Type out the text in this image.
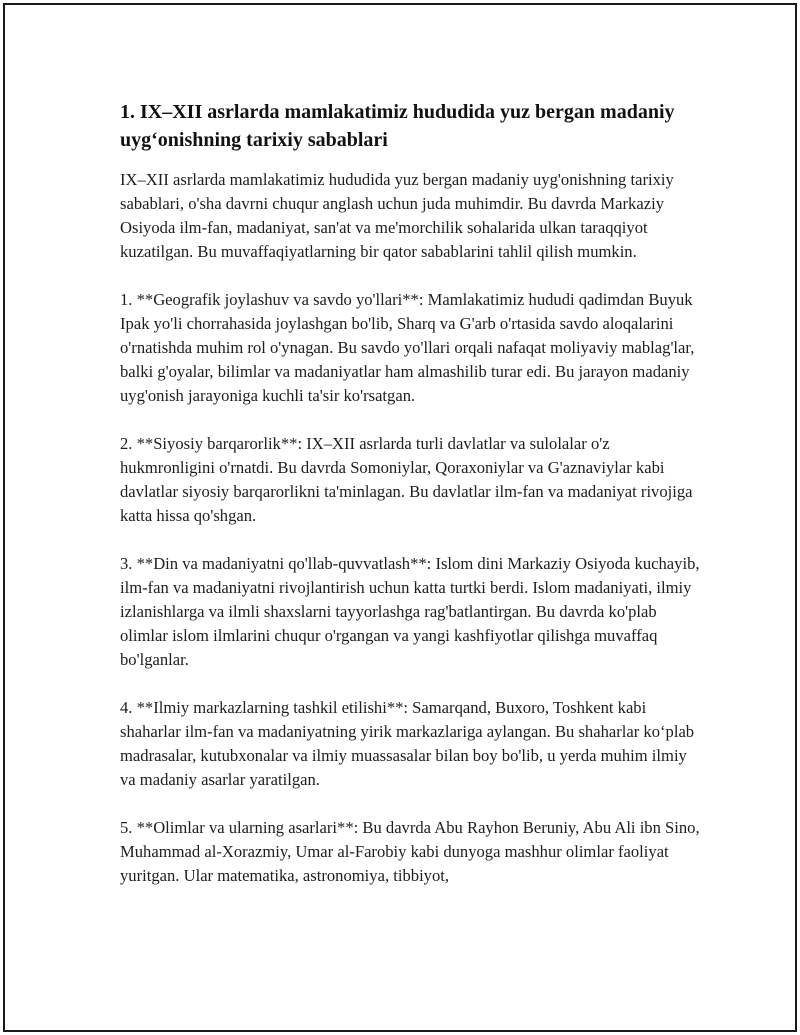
1. IX–XII asrlarda mamlakatimiz hududida yuz bergan madaniy uyg‘onishning tarixiy sabablari

IX–XII asrlarda mamlakatimiz hududida yuz bergan madaniy uyg'onishning tarixiy sabablari, o'sha davrni chuqur anglash uchun juda muhimdir. Bu davrda Markaziy Osiyoda ilm-fan, madaniyat, san'at va me'morchilik sohalarida ulkan taraqqiyot kuzatilgan. Bu muvaffaqiyatlarning bir qator sabablarini tahlil qilish mumkin.

1. **Geografik joylashuv va savdo yo'llari**: Mamlakatimiz hududi qadimdan Buyuk Ipak yo'li chorrahasida joylashgan bo'lib, Sharq va G'arb o'rtasida savdo aloqalarini o'rnatishda muhim rol o'ynagan. Bu savdo yo'llari orqali nafaqat moliyaviy mablag'lar, balki g'oyalar, bilimlar va madaniyatlar ham almashilib turar edi. Bu jarayon madaniy uyg'onish jarayoniga kuchli ta'sir ko'rsatgan.

2. **Siyosiy barqarorlik**: IX–XII asrlarda turli davlatlar va sulolalar o'z hukmronligini o'rnatdi. Bu davrda Somoniylar, Qoraxoniylar va G'aznaviylar kabi davlatlar siyosiy barqarorlikni ta'minlagan. Bu davlatlar ilm-fan va madaniyat rivojiga katta hissa qo'shgan.

3. **Din va madaniyatni qo'llab-quvvatlash**: Islom dini Markaziy Osiyoda kuchayib, ilm-fan va madaniyatni rivojlantirish uchun katta turtki berdi. Islom madaniyati, ilmiy izlanishlarga va ilmli shaxslarni tayyorlashga rag'batlantirgan. Bu davrda ko'plab olimlar islom ilmlarini chuqur o'rgangan va yangi kashfiyotlar qilishga muvaffaq bo'lganlar.

4. **Ilmiy markazlarning tashkil etilishi**: Samarqand, Buxoro, Toshkent kabi shaharlar ilm-fan va madaniyatning yirik markazlariga aylangan. Bu shaharlar ko‘plab madrasalar, kutubxonalar va ilmiy muassasalar bilan boy bo'lib, u yerda muhim ilmiy va madaniy asarlar yaratilgan.

5. **Olimlar va ularning asarlari**: Bu davrda Abu Rayhon Beruniy, Abu Ali ibn Sino, Muhammad al-Xorazmiy, Umar al-Farobiy kabi dunyoga mashhur olimlar faoliyat yuritgan. Ular matematika, astronomiya, tibbiyot,
